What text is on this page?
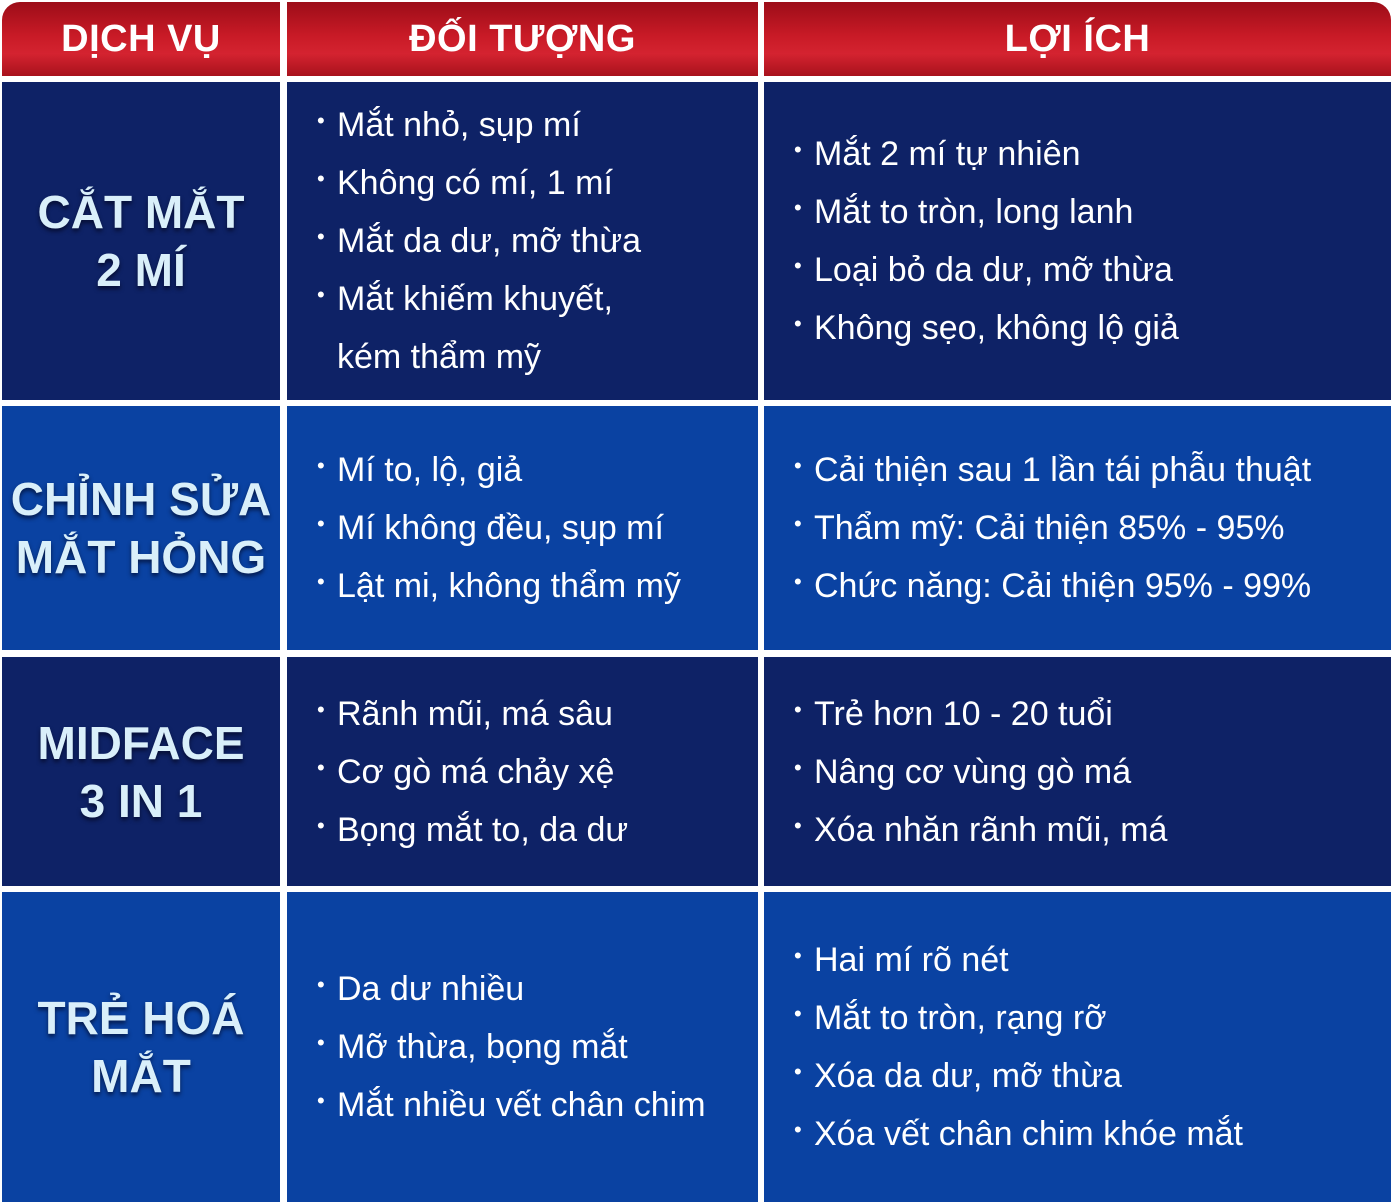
DỊCH VỤ	ĐỐI TƯỢNG	LỢI ÍCH
CẮT MẮT
2 MÍ
• Mắt nhỏ, sụp mí
• Không có mí, 1 mí
• Mắt da dư, mỡ thừa
• Mắt khiếm khuyết,
kém thẩm mỹ
• Mắt 2 mí tự nhiên
• Mắt to tròn, long lanh
• Loại bỏ da dư, mỡ thừa
• Không sẹo, không lộ giả
CHỈNH SỬA
MẮT HỎNG
• Mí to, lộ, giả
• Mí không đều, sụp mí
• Lật mi, không thẩm mỹ
• Cải thiện sau 1 lần tái phẫu thuật
• Thẩm mỹ: Cải thiện 85% - 95%
• Chức năng: Cải thiện 95% - 99%
MIDFACE
3 IN 1
• Rãnh mũi, má sâu
• Cơ gò má chảy xệ
• Bọng mắt to, da dư
• Trẻ hơn 10 - 20 tuổi
• Nâng cơ vùng gò má
• Xóa nhăn rãnh mũi, má
TRẺ HOÁ
MẮT
• Da dư nhiều
• Mỡ thừa, bọng mắt
• Mắt nhiều vết chân chim
• Hai mí rõ nét
• Mắt to tròn, rạng rỡ
• Xóa da dư, mỡ thừa
• Xóa vết chân chim khóe mắt
